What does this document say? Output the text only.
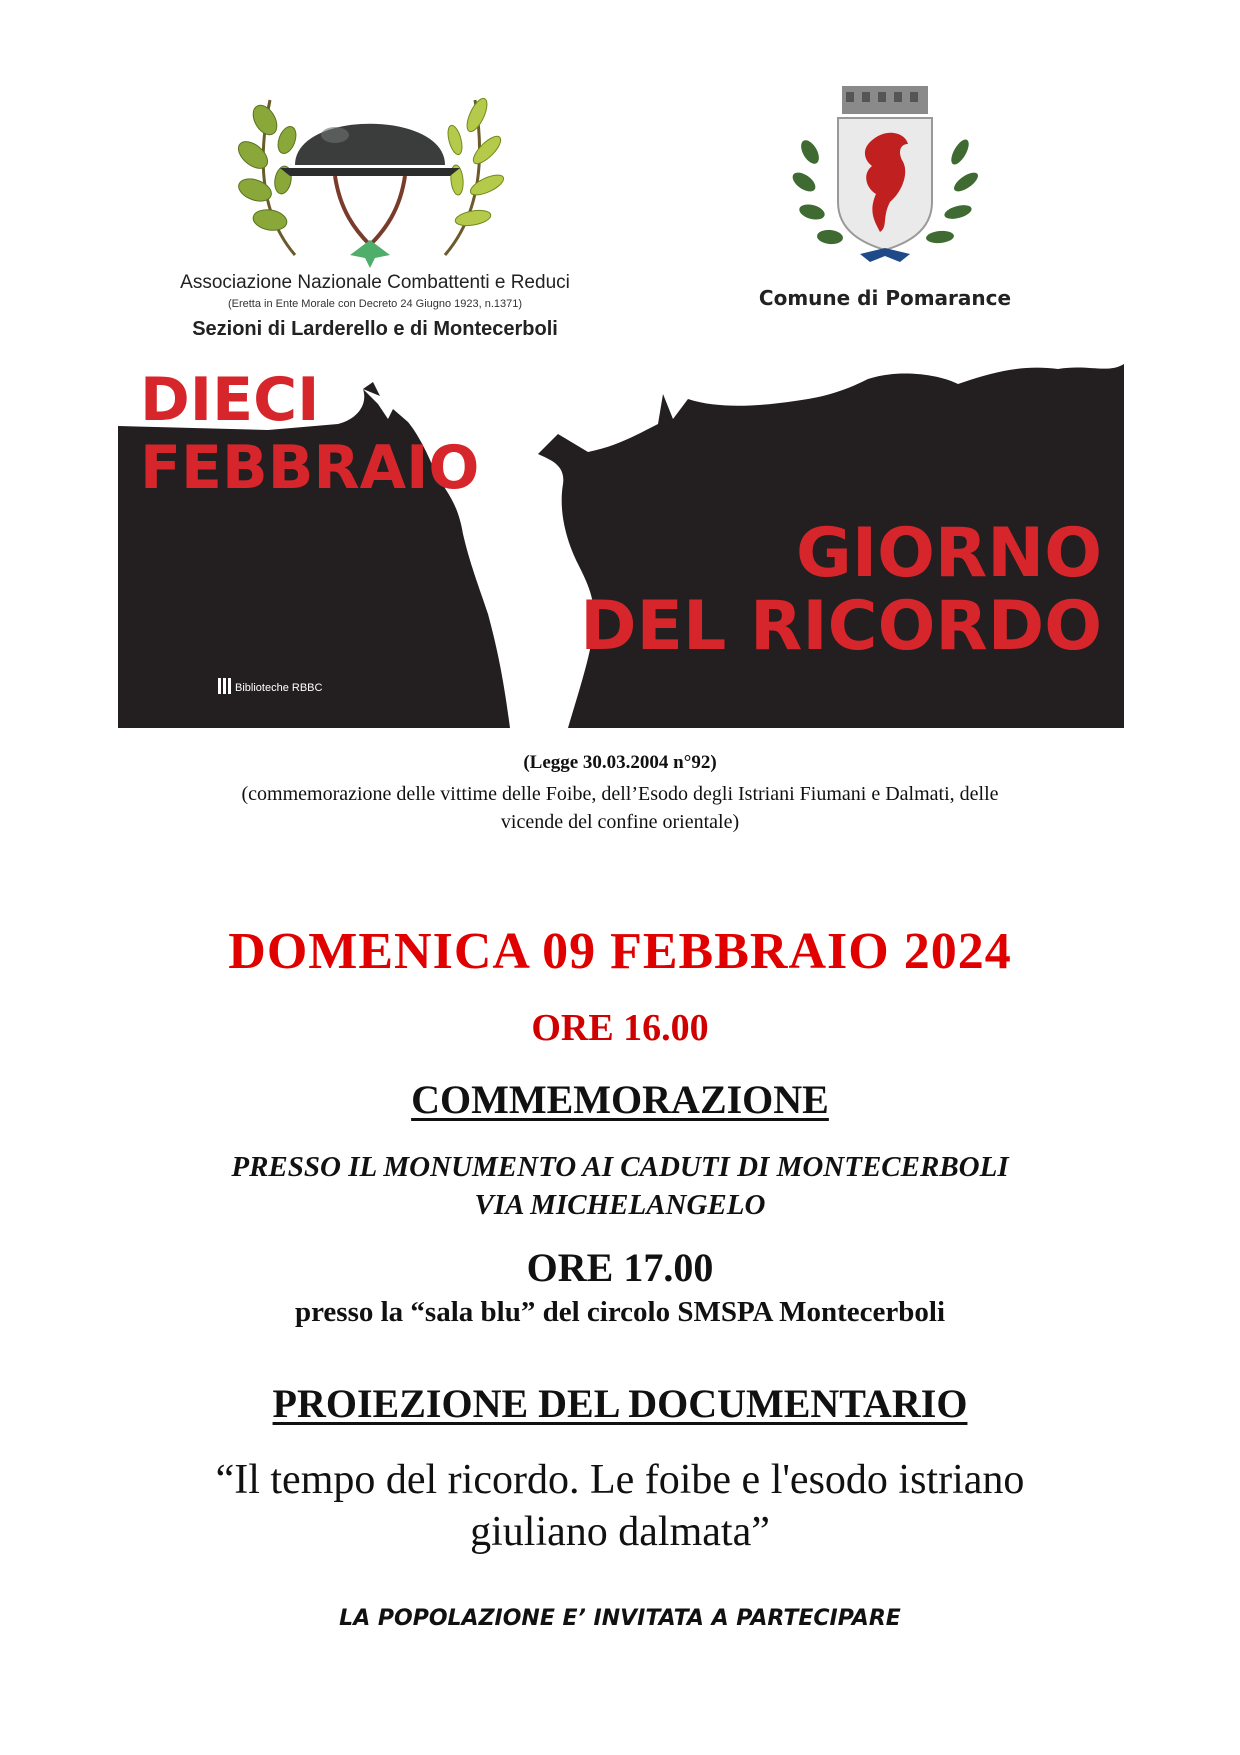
Associazione Nazionale Combattenti e Reduci
(Eretta in Ente Morale con Decreto 24 Giugno 1923, n.1371)
Sezioni di Larderello e di Montecerboli
Comune di Pomarance
DIECI
FEBBRAIO
GIORNO
DEL RICORDO
Biblioteche RBBC
(Legge 30.03.2004 n°92)
(commemorazione delle vittime delle Foibe, dell’Esodo degli Istriani Fiumani e Dalmati, delle
vicende del confine orientale)
DOMENICA 09 FEBBRAIO 2024
ORE 16.00
COMMEMORAZIONE
PRESSO IL MONUMENTO AI CADUTI DI MONTECERBOLI
VIA MICHELANGELO
ORE 17.00
presso la “sala blu” del circolo SMSPA Montecerboli
PROIEZIONE DEL DOCUMENTARIO
“Il tempo del ricordo. Le foibe e l'esodo istriano
giuliano dalmata”
LA POPOLAZIONE E’ INVITATA A PARTECIPARE
